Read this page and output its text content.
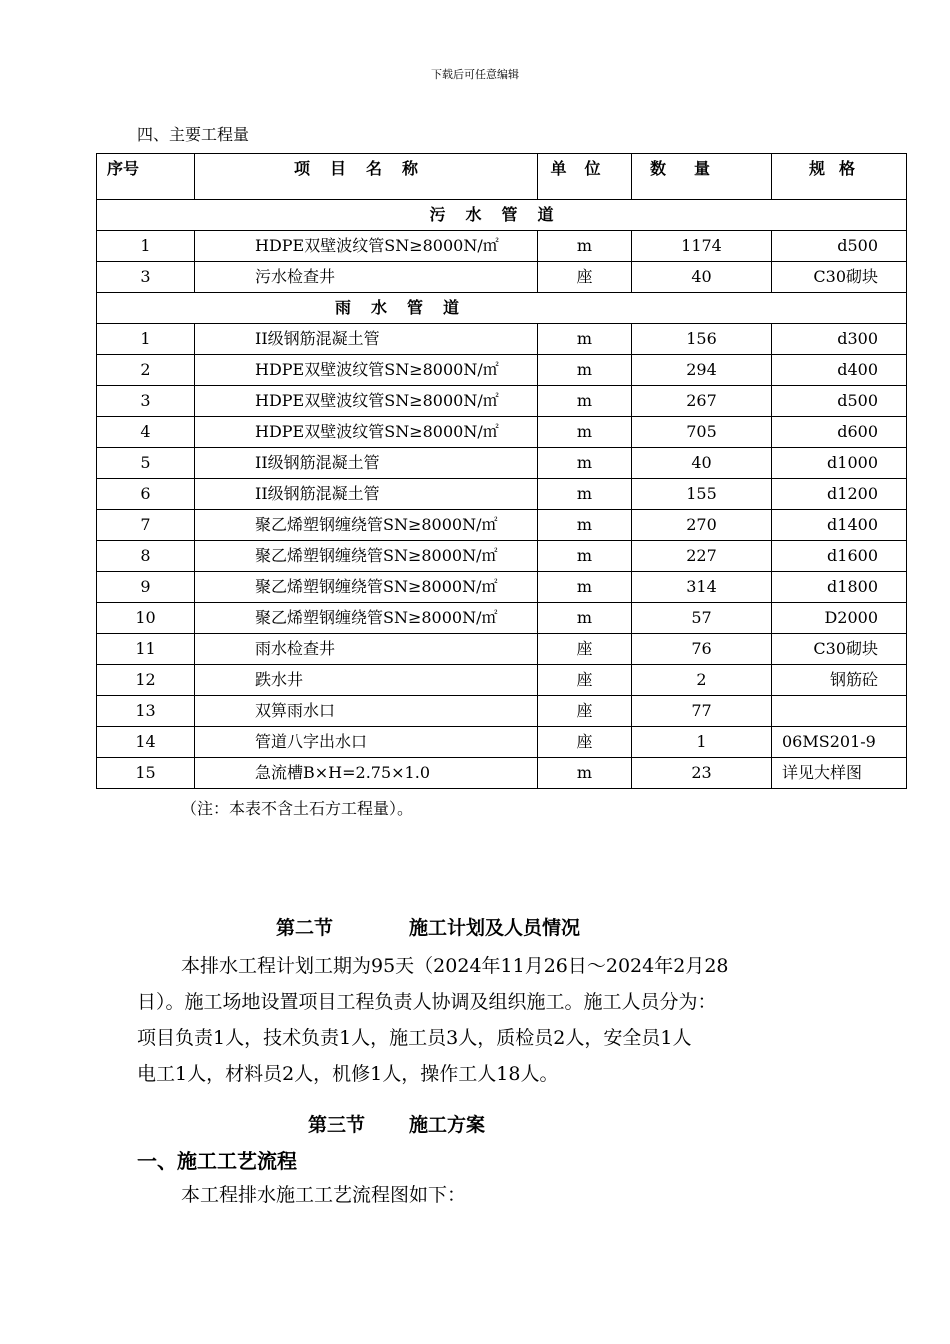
下载后可任意编辑
四、主要工程量
序号	项目名称	单位	数量	规格
污水管道				
1	HDPE双壁波纹管SN≥8000N/㎡	m	1174	d500
3	污水检查井	座	40	C30砌块
雨水管道				
1	II级钢筋混凝土管	m	156	d300
2	HDPE双壁波纹管SN≥8000N/㎡	m	294	d400
3	HDPE双壁波纹管SN≥8000N/㎡	m	267	d500
4	HDPE双壁波纹管SN≥8000N/㎡	m	705	d600
5	II级钢筋混凝土管	m	40	d1000
6	II级钢筋混凝土管	m	155	d1200
7	聚乙烯塑钢缠绕管SN≥8000N/㎡	m	270	d1400
8	聚乙烯塑钢缠绕管SN≥8000N/㎡	m	227	d1600
9	聚乙烯塑钢缠绕管SN≥8000N/㎡	m	314	d1800
10	聚乙烯塑钢缠绕管SN≥8000N/㎡	m	57	D2000
11	雨水检查井	座	76	C30砌块
12	跌水井	座	2	钢筋砼
13	双箅雨水口	座	77	
14	管道八字出水口	座	1	06MS201-9
15	急流槽B×H=2.75×1.0	m	23	详见大样图
（注：本表不含土石方工程量）。
第二节	施工计划及人员情况
本排水工程计划工期为95天（2024年11月26日～2024年2月28
日）。施工场地设置项目工程负责人协调及组织施工。施工人员分为：
项目负责1人，技术负责1人，施工员3人，质检员2人，安全员1人
电工1人，材料员2人，机修1人，操作工人18人。
第三节 施工方案
一、施工工艺流程
本工程排水施工工艺流程图如下：
